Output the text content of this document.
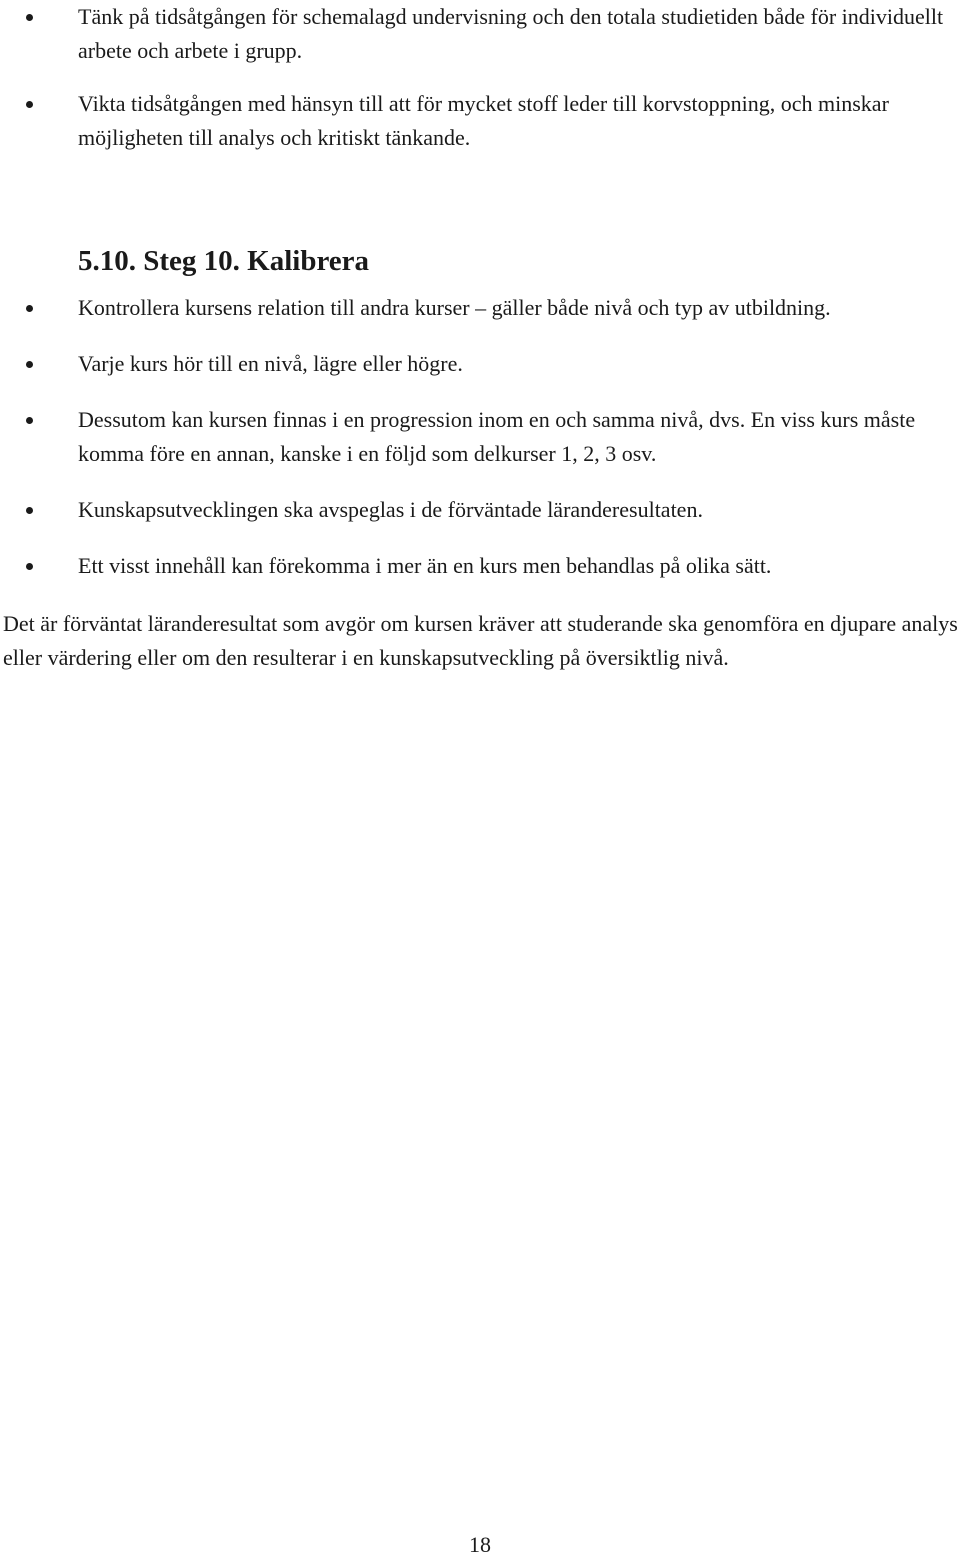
Tänk på tidsåtgången för schemalagd undervisning och den totala studietiden både för individuellt arbete och arbete i grupp.
Vikta tidsåtgången med hänsyn till att för mycket stoff leder till korvstoppning, och minskar möjligheten till analys och kritiskt tänkande.
5.10. Steg 10. Kalibrera
Kontrollera kursens relation till andra kurser – gäller både nivå och typ av utbildning.
Varje kurs hör till en nivå, lägre eller högre.
Dessutom kan kursen finnas i en progression inom en och samma nivå, dvs. En viss kurs måste komma före en annan, kanske i en följd som delkurser 1, 2, 3 osv.
Kunskapsutvecklingen ska avspeglas i de förväntade läranderesultaten.
Ett visst innehåll kan förekomma i mer än en kurs men behandlas på olika sätt.

Det är förväntat läranderesultat som avgör om kursen kräver att studerande ska genomföra en djupare analys eller värdering eller om den resulterar i en kunskapsutveckling på översiktlig nivå.

18
